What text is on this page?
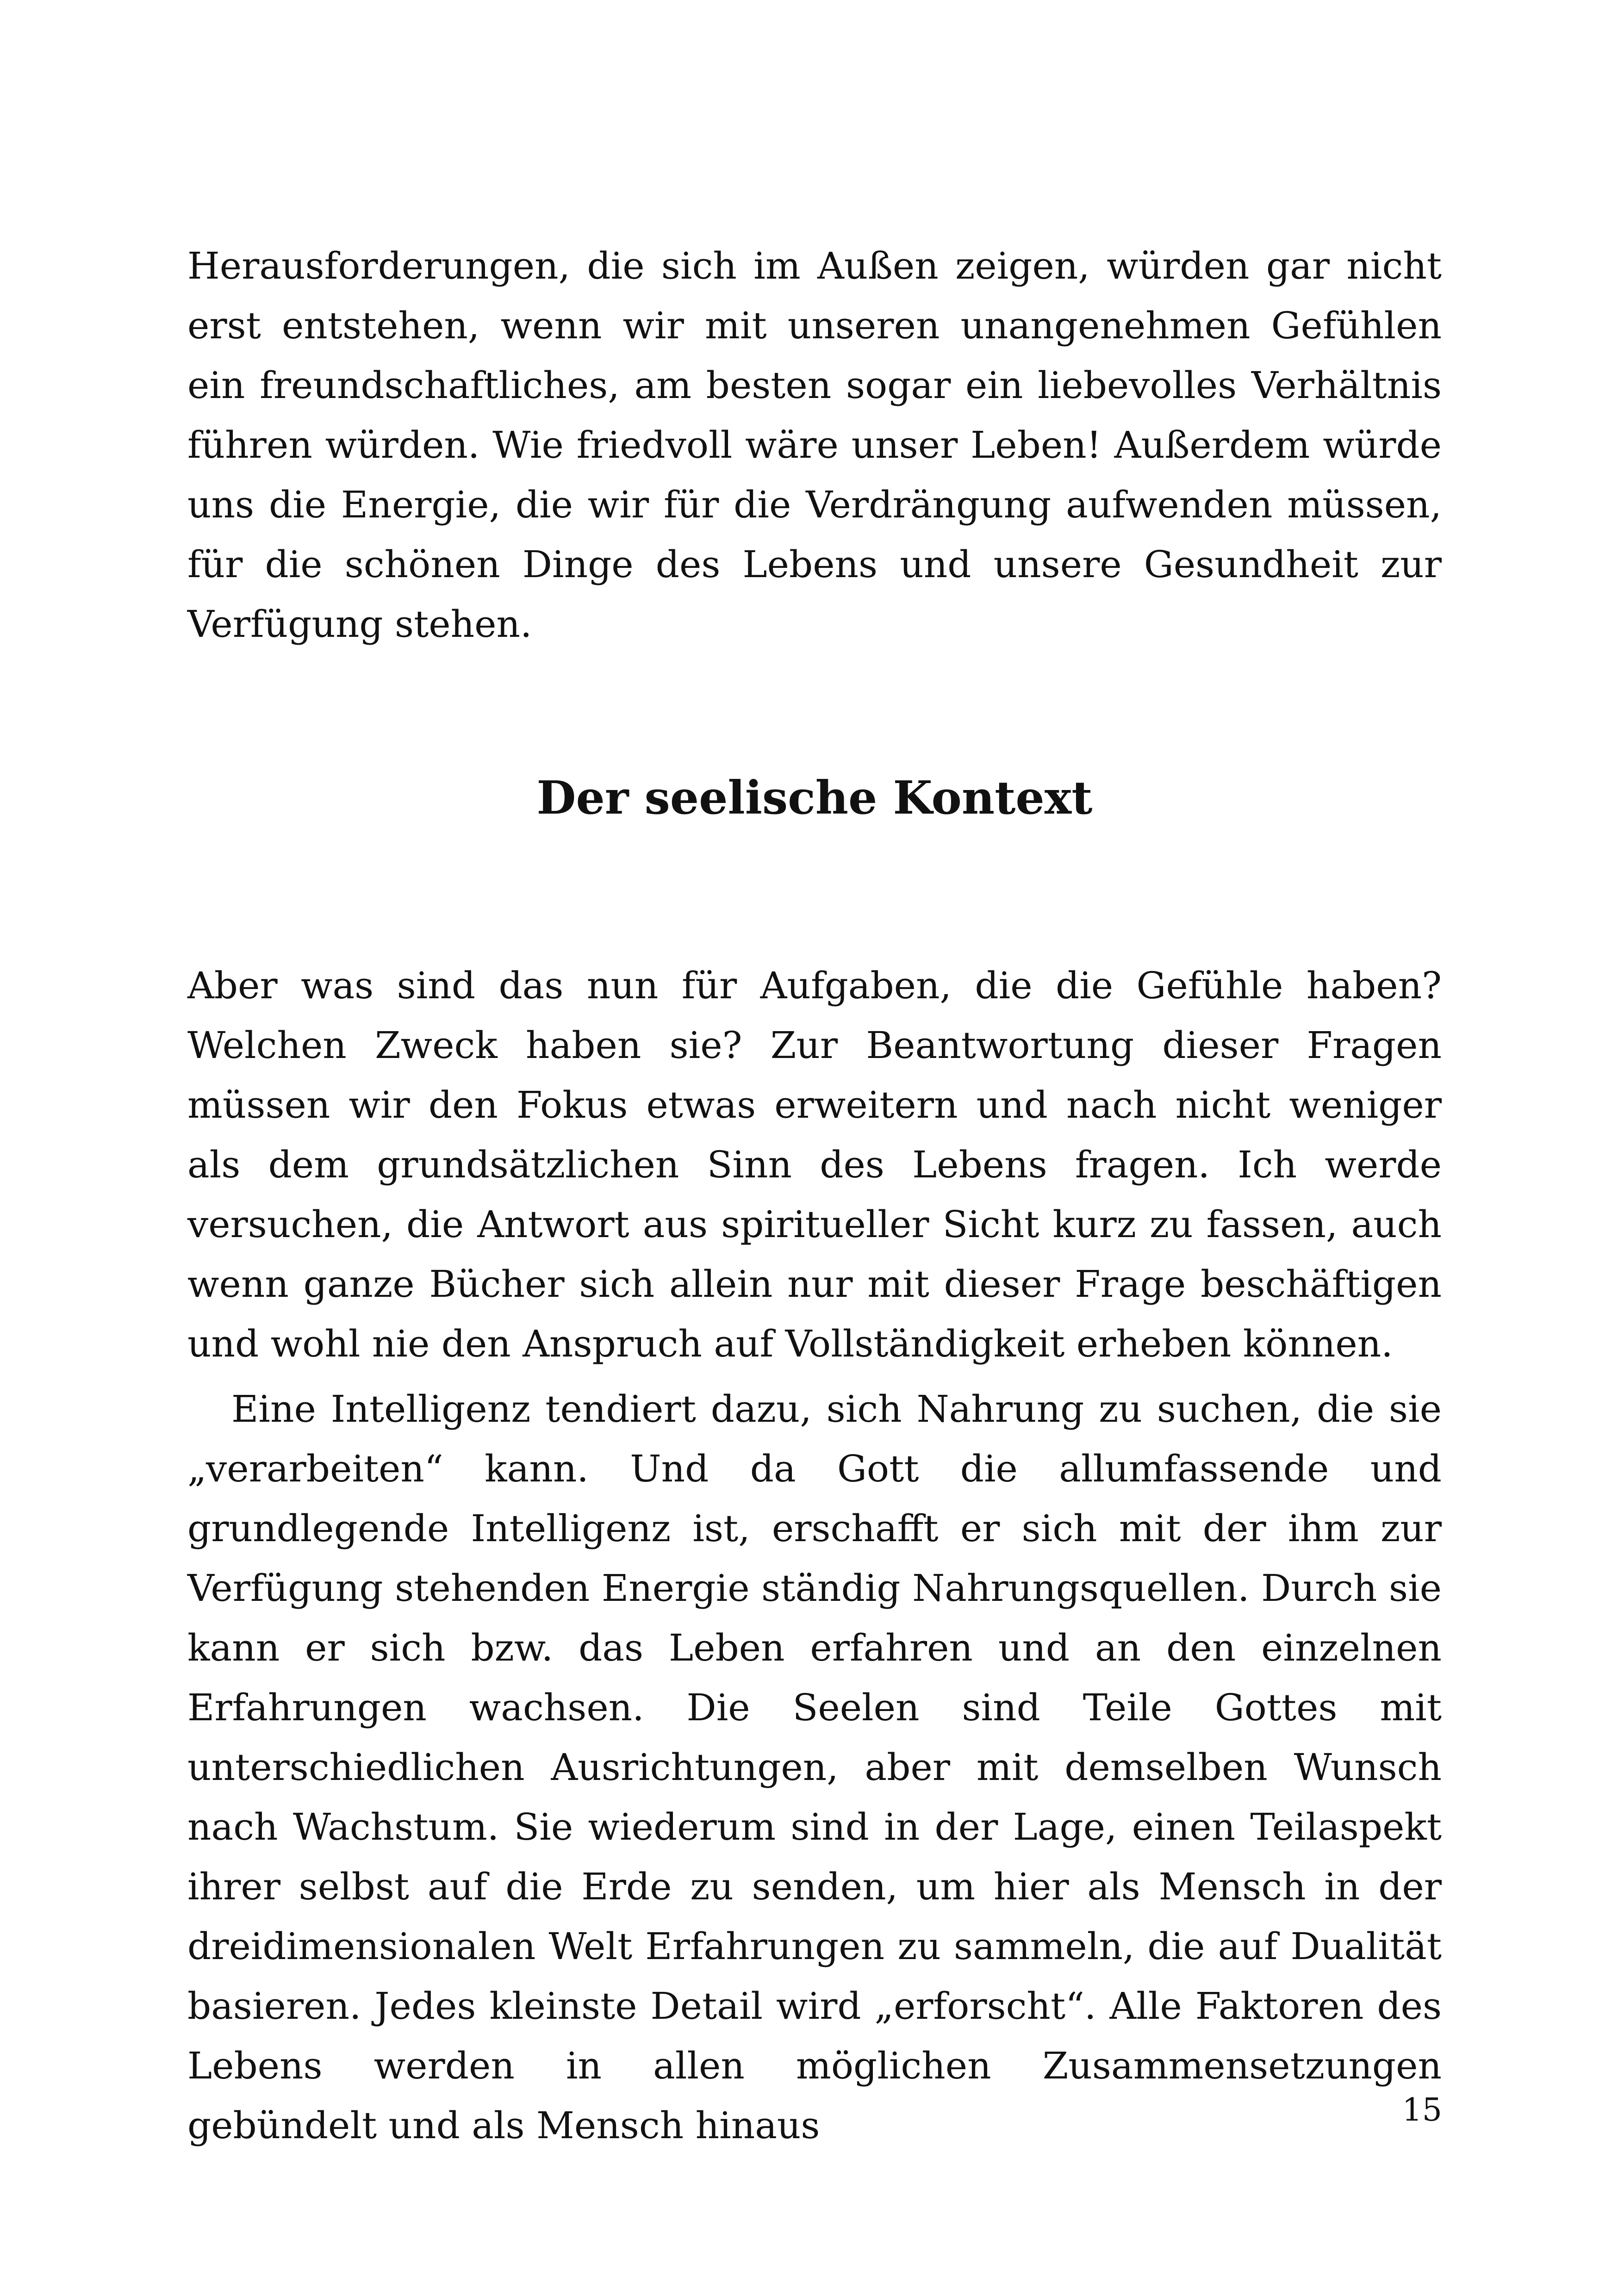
Herausforderungen, die sich im Außen zeigen, würden gar nicht erst entstehen, wenn wir mit unseren unangenehmen Gefühlen ein freundschaftliches, am besten sogar ein liebevolles Verhältnis führen würden. Wie friedvoll wäre unser Leben! Außerdem würde uns die Energie, die wir für die Verdrängung aufwenden müssen, für die schönen Dinge des Lebens und unsere Gesundheit zur Verfügung stehen.

Der seelische Kontext

Aber was sind das nun für Aufgaben, die die Gefühle haben? Welchen Zweck haben sie? Zur Beantwortung dieser Fragen müssen wir den Fokus etwas erweitern und nach nicht weniger als dem grundsätzlichen Sinn des Lebens fragen. Ich werde versuchen, die Antwort aus spiritueller Sicht kurz zu fassen, auch wenn ganze Bücher sich allein nur mit dieser Frage beschäftigen und wohl nie den Anspruch auf Vollständigkeit erheben können.

Eine Intelligenz tendiert dazu, sich Nahrung zu suchen, die sie „verarbeiten“ kann. Und da Gott die allumfassende und grundlegende Intelligenz ist, erschafft er sich mit der ihm zur Verfügung stehenden Energie ständig Nahrungsquellen. Durch sie kann er sich bzw. das Leben erfahren und an den einzelnen Erfahrungen wachsen. Die Seelen sind Teile Gottes mit unterschiedlichen Ausrichtungen, aber mit demselben Wunsch nach Wachstum. Sie wiederum sind in der Lage, einen Teilaspekt ihrer selbst auf die Erde zu senden, um hier als Mensch in der dreidimensionalen Welt Erfahrungen zu sammeln, die auf Dualität basieren. Jedes kleinste Detail wird „erforscht“. Alle Faktoren des Lebens werden in allen möglichen Zusammensetzungen gebündelt und als Mensch hinaus	15
